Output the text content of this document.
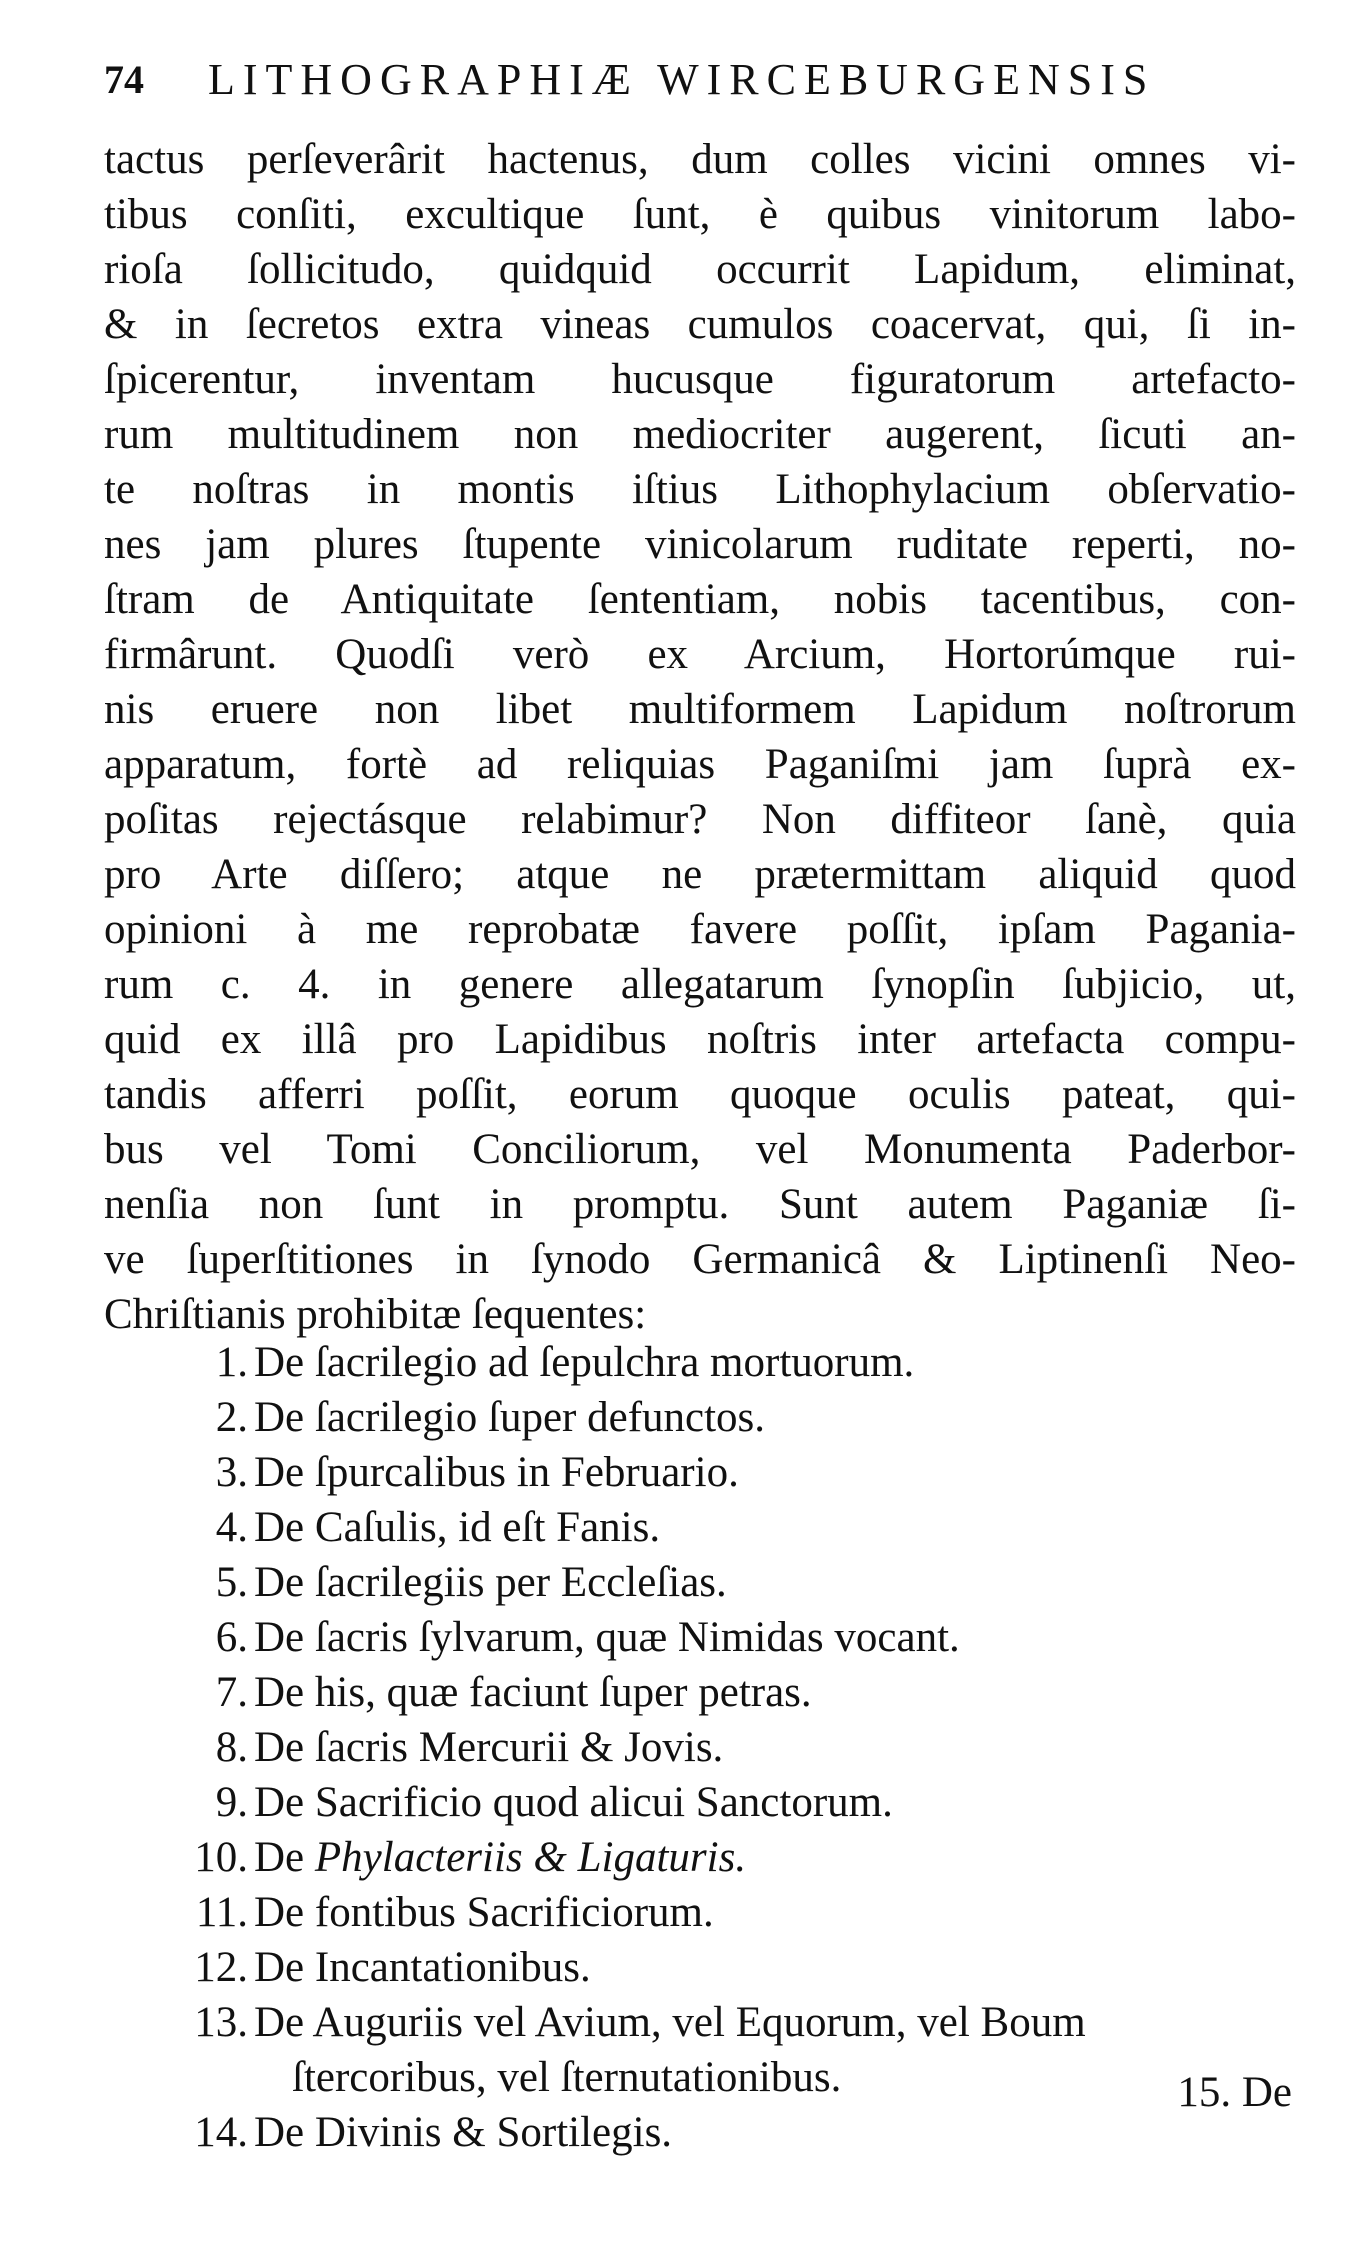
74 LITHOGRAPHIÆ WIRCEBURGENSIS
tactus perſeverârit hactenus, dum colles vicini omnes vi-
tibus conſiti, excultique ſunt, è quibus vinitorum labo-
rioſa ſollicitudo, quidquid occurrit Lapidum, eliminat,
& in ſecretos extra vineas cumulos coacervat, qui, ſi in-
ſpicerentur, inventam hucusque figuratorum artefacto-
rum multitudinem non mediocriter augerent, ſicuti an-
te noſtras in montis iſtius Lithophylacium obſervatio-
nes jam plures ſtupente vinicolarum ruditate reperti, no-
ſtram de Antiquitate ſententiam, nobis tacentibus, con-
firmârunt. Quodſi verò ex Arcium, Hortorúmque rui-
nis eruere non libet multiformem Lapidum noſtrorum
apparatum, fortè ad reliquias Paganiſmi jam ſuprà ex-
poſitas rejectásque relabimur? Non diffiteor ſanè, quia
pro Arte diſſero; atque ne prætermittam aliquid quod
opinioni à me reprobatæ favere poſſit, ipſam Pagania-
rum c. 4. in genere allegatarum ſynopſin ſubjicio, ut,
quid ex illâ pro Lapidibus noſtris inter artefacta compu-
tandis afferri poſſit, eorum quoque oculis pateat, qui-
bus vel Tomi Conciliorum, vel Monumenta Paderbor-
nenſia non ſunt in promptu. Sunt autem Paganiæ ſi-
ve ſuperſtitiones in ſynodo Germanicâ & Liptinenſi Neo-
Chriſtianis prohibitæ ſequentes:
1. De ſacrilegio ad ſepulchra mortuorum.
2. De ſacrilegio ſuper defunctos.
3. De ſpurcalibus in Februario.
4. De Caſulis, id eſt Fanis.
5. De ſacrilegiis per Eccleſias.
6. De ſacris ſylvarum, quæ Nimidas vocant.
7. De his, quæ faciunt ſuper petras.
8. De ſacris Mercurii & Jovis.
9. De Sacrificio quod alicui Sanctorum.
10. De Phylacteriis & Ligaturis.
11. De fontibus Sacrificiorum.
12. De Incantationibus.
13. De Auguriis vel Avium, vel Equorum, vel Boum
ſtercoribus, vel ſternutationibus.
14. De Divinis & Sortilegis.
15. De
